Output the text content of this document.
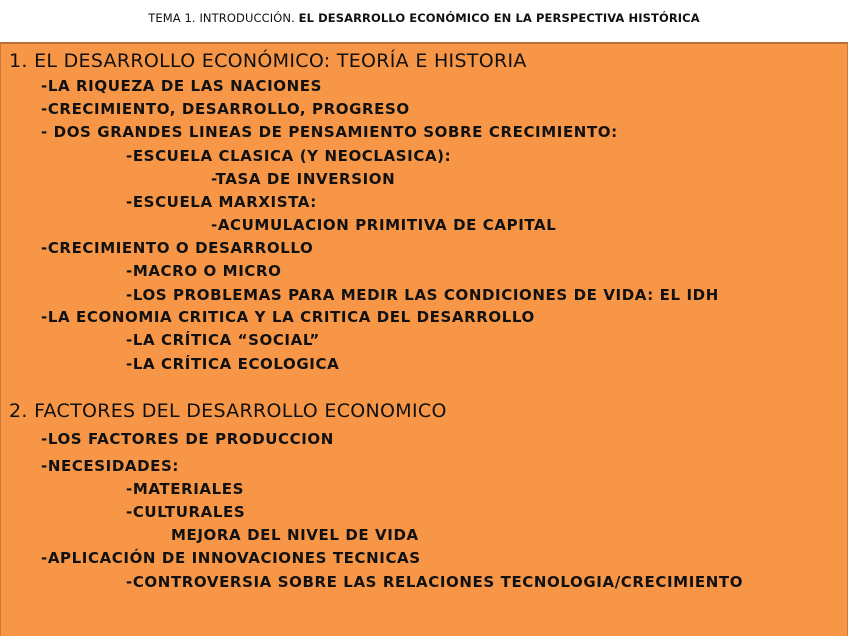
TEMA 1. INTRODUCCIÓN. EL DESARROLLO ECONÓMICO EN LA PERSPECTIVA HISTÓRICA
1. EL DESARROLLO ECONÓMICO: TEORÍA E HISTORIA
-LA RIQUEZA DE LAS NACIONES
-CRECIMIENTO, DESARROLLO, PROGRESO
- DOS GRANDES LINEAS DE PENSAMIENTO SOBRE CRECIMIENTO:
-ESCUELA CLASICA (Y NEOCLASICA):
-TASA DE INVERSION
-ESCUELA MARXISTA:
-ACUMULACION PRIMITIVA DE CAPITAL
-CRECIMIENTO O DESARROLLO
-MACRO O MICRO
-LOS PROBLEMAS PARA MEDIR LAS CONDICIONES DE VIDA: EL IDH
-LA ECONOMIA CRITICA Y LA CRITICA DEL DESARROLLO
-LA CRÍTICA “SOCIAL”
-LA CRÍTICA ECOLOGICA
2. FACTORES DEL DESARROLLO ECONOMICO
-LOS FACTORES DE PRODUCCION
-NECESIDADES:
-MATERIALES
-CULTURALES
MEJORA DEL NIVEL DE VIDA
-APLICACIÓN DE INNOVACIONES TECNICAS
-CONTROVERSIA SOBRE LAS RELACIONES TECNOLOGIA/CRECIMIENTO
